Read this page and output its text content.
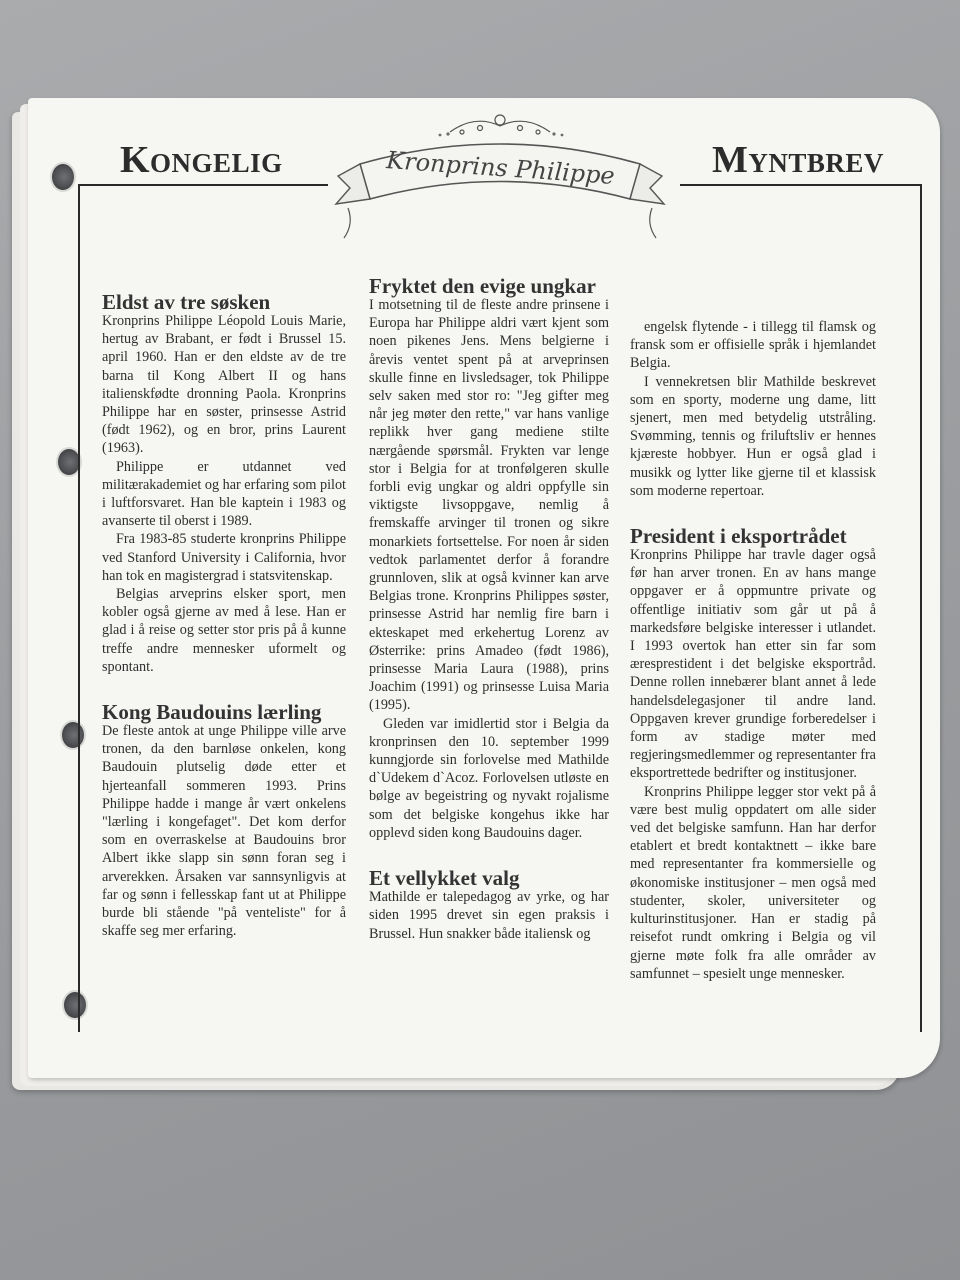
Kongelig	Myntbrev
Kronprins Philippe
Eldst av tre søsken

Kronprins Philippe Léopold Louis Marie, hertug av Brabant, er født i Brussel 15. april 1960. Han er den eldste av de tre barna til Kong Albert II og hans italienskfødte dronning Paola. Kronprins Philippe har en søster, prinsesse Astrid (født 1962), og en bror, prins Laurent (1963).

Philippe er utdannet ved militærakademiet og har erfaring som pilot i luftforsvaret. Han ble kaptein i 1983 og avanserte til oberst i 1989.

Fra 1983-85 studerte kronprins Philippe ved Stanford University i California, hvor han tok en magistergrad i statsvitenskap.

Belgias arveprins elsker sport, men kobler også gjerne av med å lese. Han er glad i å reise og setter stor pris på å kunne treffe andre mennesker uformelt og spontant.

Kong Baudouins lærling

De fleste antok at unge Philippe ville arve tronen, da den barnløse onkelen, kong Baudouin plutselig døde etter et hjerteanfall sommeren 1993. Prins Philippe hadde i mange år vært onkelens "lærling i kongefaget". Det kom derfor som en overraskelse at Baudouins bror Albert ikke slapp sin sønn foran seg i arverekken. Årsaken var sannsynligvis at far og sønn i fellesskap fant ut at Philippe burde bli stående "på venteliste" for å skaffe seg mer erfaring.

Fryktet den evige ungkar

I motsetning til de fleste andre prinsene i Europa har Philippe aldri vært kjent som noen pikenes Jens. Mens belgierne i årevis ventet spent på at arveprinsen skulle finne en livsledsager, tok Philippe selv saken med stor ro: "Jeg gifter meg når jeg møter den rette," var hans vanlige replikk hver gang mediene stilte nærgående spørsmål. Frykten var lenge stor i Belgia for at tronfølgeren skulle forbli evig ungkar og aldri oppfylle sin viktigste livsoppgave, nemlig å fremskaffe arvinger til tronen og sikre monarkiets fortsettelse. For noen år siden vedtok parlamentet derfor å forandre grunnloven, slik at også kvinner kan arve Belgias trone. Kronprins Philippes søster, prinsesse Astrid har nemlig fire barn i ekteskapet med erkehertug Lorenz av Østerrike: prins Amadeo (født 1986), prinsesse Maria Laura (1988), prins Joachim (1991) og prinsesse Luisa Maria (1995).

Gleden var imidlertid stor i Belgia da kronprinsen den 10. september 1999 kunngjorde sin forlovelse med Mathilde d`Udekem d`Acoz. Forlovelsen utløste en bølge av begeistring og nyvakt rojalisme som det belgiske kongehus ikke har opplevd siden kong Baudouins dager.

Et vellykket valg

Mathilde er talepedagog av yrke, og har siden 1995 drevet sin egen praksis i Brussel. Hun snakker både italiensk og

engelsk flytende - i tillegg til flamsk og fransk som er offisielle språk i hjemlandet Belgia.

I vennekretsen blir Mathilde beskrevet som en sporty, moderne ung dame, litt sjenert, men med betydelig utstråling. Svømming, tennis og friluftsliv er hennes kjæreste hobbyer. Hun er også glad i musikk og lytter like gjerne til et klassisk som moderne repertoar.

President i eksportrådet

Kronprins Philippe har travle dager også før han arver tronen. En av hans mange oppgaver er å oppmuntre private og offentlige initiativ som går ut på å markedsføre belgiske interesser i utlandet. I 1993 overtok han etter sin far som æresprestident i det belgiske eksportråd. Denne rollen innebærer blant annet å lede handelsdelegasjoner til andre land. Oppgaven krever grundige forberedelser i form av stadige møter med regjeringsmedlemmer og representanter fra eksportrettede bedrifter og institusjoner.

Kronprins Philippe legger stor vekt på å være best mulig oppdatert om alle sider ved det belgiske samfunn. Han har derfor etablert et bredt kontaktnett – ikke bare med representanter fra kommersielle og økonomiske institusjoner – men også med studenter, skoler, universiteter og kulturinstitusjoner. Han er stadig på reisefot rundt omkring i Belgia og vil gjerne møte folk fra alle områder av samfunnet – spesielt unge mennesker.
